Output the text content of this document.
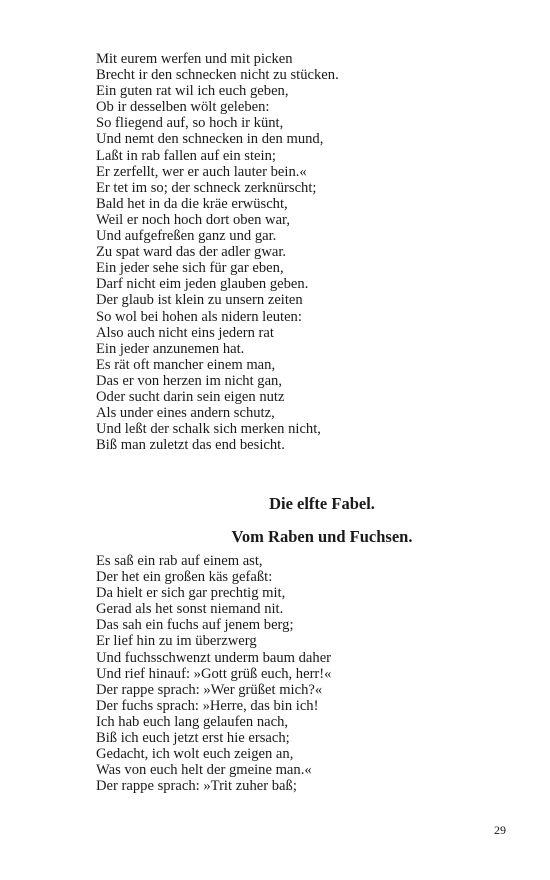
Mit eurem werfen und mit picken
Brecht ir den schnecken nicht zu stücken.
Ein guten rat wil ich euch geben,
Ob ir desselben wölt geleben:
So fliegend auf, so hoch ir künt,
Und nemt den schnecken in den mund,
Laßt in rab fallen auf ein stein;
Er zerfellt, wer er auch lauter bein.«
Er tet im so; der schneck zerknürscht;
Bald het in da die kräe erwüscht,
Weil er noch hoch dort oben war,
Und aufgefreßen ganz und gar.
Zu spat ward das der adler gwar.
Ein jeder sehe sich für gar eben,
Darf nicht eim jeden glauben geben.
Der glaub ist klein zu unsern zeiten
So wol bei hohen als nidern leuten:
Also auch nicht eins jedern rat
Ein jeder anzunemen hat.
Es rät oft mancher einem man,
Das er von herzen im nicht gan,
Oder sucht darin sein eigen nutz
Als under eines andern schutz,
Und leßt der schalk sich merken nicht,
Biß man zuletzt das end besicht.
Die elfte Fabel.
Vom Raben und Fuchsen.
Es saß ein rab auf einem ast,
Der het ein großen käs gefaßt:
Da hielt er sich gar prechtig mit,
Gerad als het sonst niemand nit.
Das sah ein fuchs auf jenem berg;
Er lief hin zu im überzwerg
Und fuchsschwenzt underm baum daher
Und rief hinauf: »Gott grüß euch, herr!«
Der rappe sprach: »Wer grüßet mich?«
Der fuchs sprach: »Herre, das bin ich!
Ich hab euch lang gelaufen nach,
Biß ich euch jetzt erst hie ersach;
Gedacht, ich wolt euch zeigen an,
Was von euch helt der gmeine man.«
Der rappe sprach: »Trit zuher baß;
29
